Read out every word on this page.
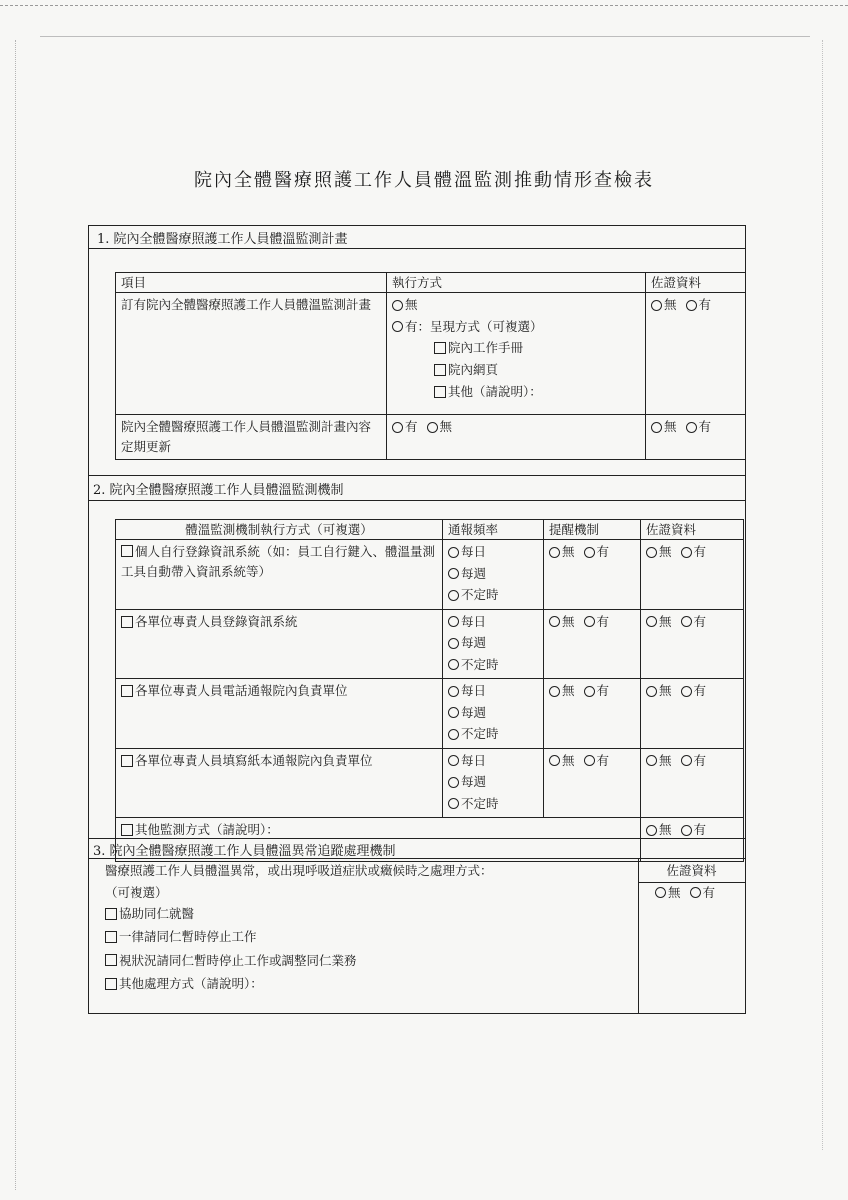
院內全體醫療照護工作人員體溫監測推動情形查檢表
1. 院內全體醫療照護工作人員體溫監測計畫
項目	執行方式	佐證資料
訂有院內全體醫療照護工作人員體溫監測計畫	無
有：呈現方式（可複選）
院內工作手冊
院內網頁
其他（請說明）：	無 有

院內全體醫療照護工作人員體溫監測計畫內容定期更新	有 無	無 有
2. 院內全體醫療照護工作人員體溫監測機制
體溫監測機制執行方式（可複選）	通報頻率	提醒機制	佐證資料
個人自行登錄資訊系統（如：員工自行鍵入、體溫量測工具自動帶入資訊系統等）	每日
每週
不定時	無 有	無 有

各單位專責人員登錄資訊系統	每日
每週
不定時	無 有	無 有

各單位專責人員電話通報院內負責單位	每日
每週
不定時	無 有	無 有

各單位專責人員填寫紙本通報院內負責單位	每日
每週
不定時	無 有	無 有

其他監測方式（請說明）：			無 有
3. 院內全體醫療照護工作人員體溫異常追蹤處理機制
醫療照護工作人員體溫異常，或出現呼吸道症狀或癥候時之處理方式：
（可複選）
協助同仁就醫
一律請同仁暫時停止工作
視狀況請同仁暫時停止工作或調整同仁業務
其他處理方式（請說明）：
佐證資料
無 有
